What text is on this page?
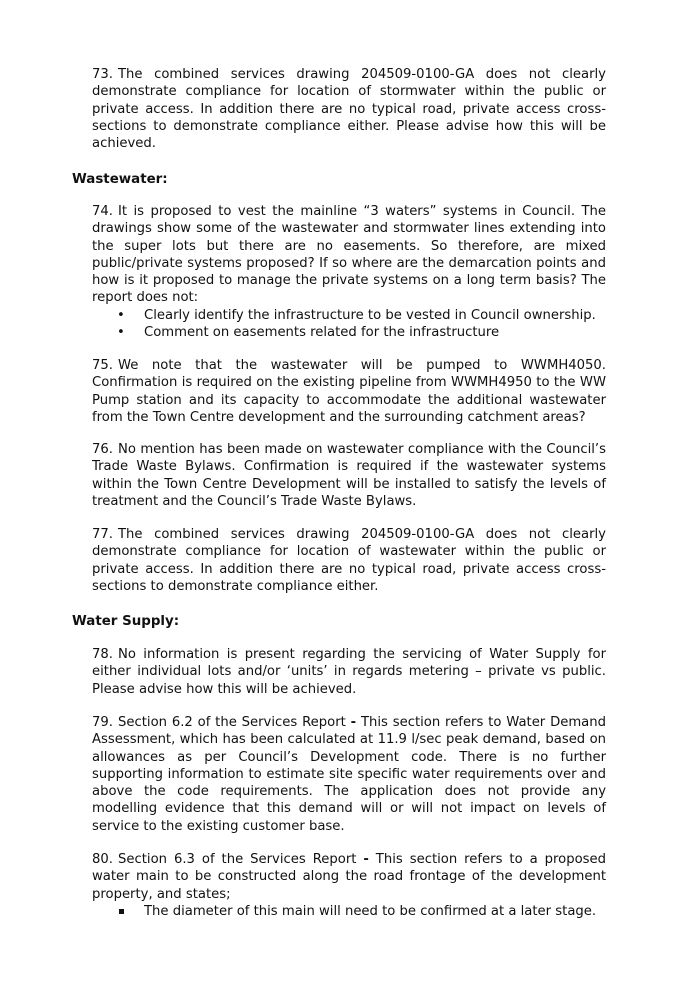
73. The combined services drawing 204509-0100-GA does not clearly demonstrate compliance for location of stormwater within the public or private access. In addition there are no typical road, private access cross-sections to demonstrate compliance either. Please advise how this will be achieved.
Wastewater:
74. It is proposed to vest the mainline “3 waters” systems in Council. The drawings show some of the wastewater and stormwater lines extending into the super lots but there are no easements. So therefore, are mixed public/private systems proposed? If so where are the demarcation points and how is it proposed to manage the private systems on a long term basis? The report does not:
• Clearly identify the infrastructure to be vested in Council ownership.
• Comment on easements related for the infrastructure
75. We note that the wastewater will be pumped to WWMH4050. Confirmation is required on the existing pipeline from WWMH4950 to the WW Pump station and its capacity to accommodate the additional wastewater from the Town Centre development and the surrounding catchment areas?
76. No mention has been made on wastewater compliance with the Council’s Trade Waste Bylaws. Confirmation is required if the wastewater systems within the Town Centre Development will be installed to satisfy the levels of treatment and the Council’s Trade Waste Bylaws.
77. The combined services drawing 204509-0100-GA does not clearly demonstrate compliance for location of wastewater within the public or private access. In addition there are no typical road, private access cross-sections to demonstrate compliance either.
Water Supply:
78. No information is present regarding the servicing of Water Supply for either individual lots and/or ‘units’ in regards metering – private vs public. Please advise how this will be achieved.
79. Section 6.2 of the Services Report - This section refers to Water Demand Assessment, which has been calculated at 11.9 l/sec peak demand, based on allowances as per Council’s Development code. There is no further supporting information to estimate site specific water requirements over and above the code requirements. The application does not provide any modelling evidence that this demand will or will not impact on levels of service to the existing customer base.
80. Section 6.3 of the Services Report - This section refers to a proposed water main to be constructed along the road frontage of the development property, and states;
The diameter of this main will need to be confirmed at a later stage.
